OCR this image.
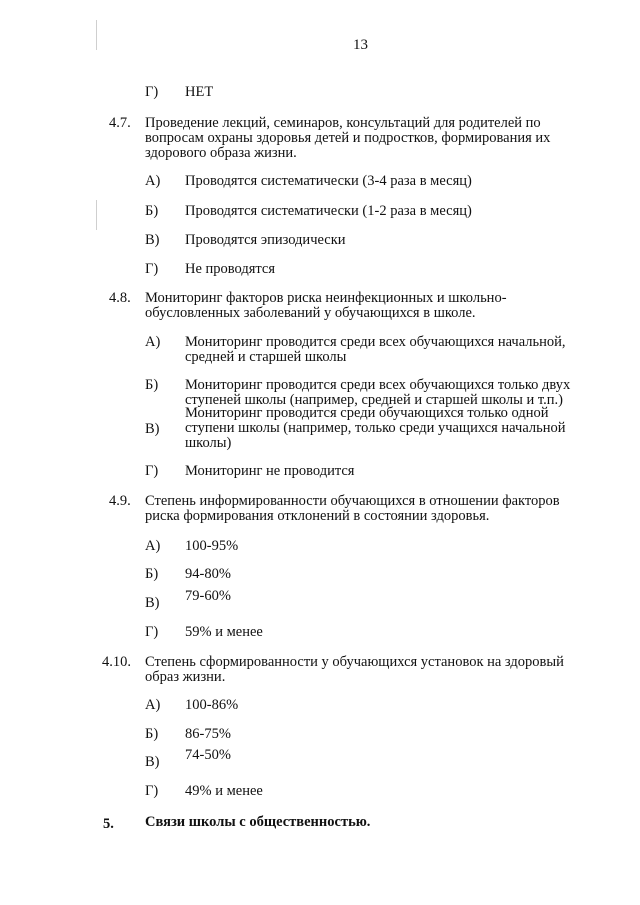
13
Г) НЕТ
4.7. Проведение лекций, семинаров, консультаций для родителей по
вопросам охраны здоровья детей и подростков, формирования их
здорового образа жизни.
А) Проводятся систематически (3-4 раза в месяц)
Б) Проводятся систематически (1-2 раза в месяц)
В) Проводятся эпизодически
Г) Не проводятся
4.8. Мониторинг факторов риска неинфекционных и школьно-
обусловленных заболеваний у обучающихся в школе.
А) Мониторинг проводится среди всех обучающихся начальной,
средней и старшей школы
Б) Мониторинг проводится среди всех обучающихся только двух
ступеней школы (например, средней и старшей школы и т.п.)
В)
Мониторинг проводится среди обучающихся только одной
ступени школы (например, только среди учащихся начальной
школы)
Г) Мониторинг не проводится
4.9. Степень информированности обучающихся в отношении факторов
риска формирования отклонений в состоянии здоровья.
А) 100-95%
Б) 94-80%
В) 79-60%
Г) 59% и менее
4.10. Степень сформированности у обучающихся установок на здоровый
образ жизни.
А) 100-86%
Б) 86-75%
В) 74-50%
Г) 49% и менее
5. Связи школы с общественностью.
